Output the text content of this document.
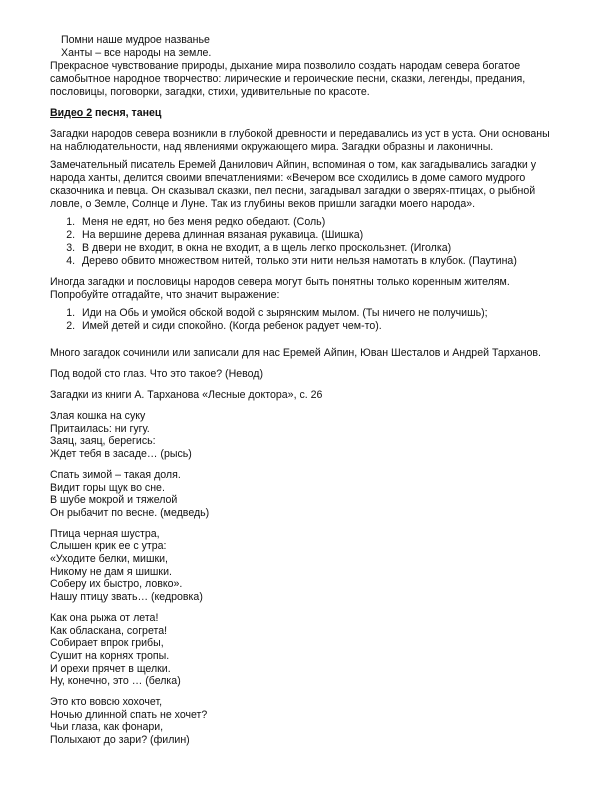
Помни наше мудрое названье

Ханты – все народы на земле.

Прекрасное чувствование природы, дыхание мира позволило создать народам севера богатое самобытное народное творчество: лирические и героические песни, сказки, легенды, предания, пословицы, поговорки, загадки, стихи, удивительные по красоте.

Видео 2 песня, танец

Загадки народов севера возникли в глубокой древности и передавались из уст в уста. Они основаны на наблюдательности, над явлениями окружающего мира. Загадки образны и лаконичны.

Замечательный писатель Еремей Данилович Айпин, вспоминая о том, как загадывались загадки у народа ханты, делится своими впечатлениями: «Вечером все сходились в доме самого мудрого сказочника и певца. Он сказывал сказки, пел песни, загадывал загадки о зверях-птицах, о рыбной ловле, о Земле, Солнце и Луне. Так из глубины веков пришли загадки моего народа».

1. Меня не едят, но без меня редко обедают. (Соль)
2. На вершине дерева длинная вязаная рукавица. (Шишка)
3. В двери не входит, в окна не входит, а в щель легко проскользнет. (Иголка)
4. Дерево обвито множеством нитей, только эти нити нельзя намотать в клубок. (Паутина)

Иногда загадки и пословицы народов севера могут быть понятны только коренным жителям. Попробуйте отгадайте, что значит выражение:

1. Иди на Обь и умойся обской водой с зырянским мылом. (Ты ничего не получишь);
2. Имей детей и сиди спокойно. (Когда ребенок радует чем-то).

Много загадок сочинили или записали для нас Еремей Айпин, Юван Шесталов и Андрей Тарханов.

Под водой сто глаз. Что это такое? (Невод)

Загадки из книги А. Тарханова «Лесные доктора», с. 26

Злая кошка на суку

Притаилась: ни гугу.

Заяц, заяц, берегись:

Ждет тебя в засаде… (рысь)

Спать зимой – такая доля.

Видит горы щук во сне.

В шубе мокрой и тяжелой

Он рыбачит по весне. (медведь)

Птица черная шустра,

Слышен крик ее с утра:

«Уходите белки, мишки,

Никому не дам я шишки.

Соберу их быстро, ловко».

Нашу птицу звать… (кедровка)

Как она рыжа от лета!

Как обласкана, согрета!

Собирает впрок грибы,

Сушит на корнях тропы.

И орехи прячет в щелки.

Ну, конечно, это … (белка)

Это кто вовсю хохочет,

Ночью длинной спать не хочет?

Чьи глаза, как фонари,

Полыхают до зари? (филин)
